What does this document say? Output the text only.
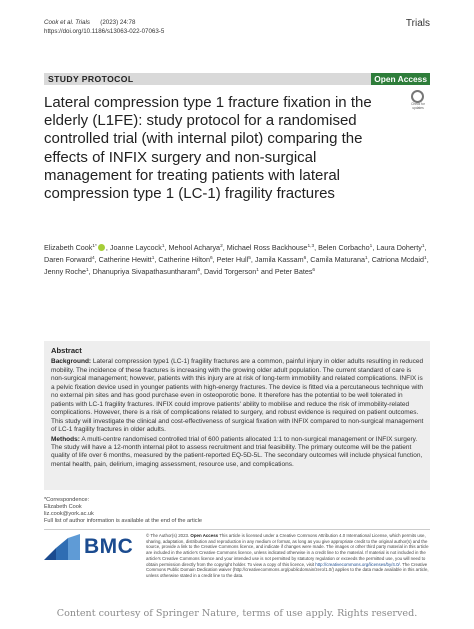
Cook et al. Trials (2023) 24:78
https://doi.org/10.1186/s13063-022-07063-5
Trials
STUDY PROTOCOL	Open Access
Check for updates
Lateral compression type 1 fracture fixation in the elderly (L1FE): study protocol for a randomised controlled trial (with internal pilot) comparing the effects of INFIX surgery and non-surgical management for treating patients with lateral compression type 1 (LC-1) fragility fractures
Elizabeth Cook$^{1*}$ , Joanne Laycock$^1$, Mehool Acharya$^2$, Michael Ross Backhouse$^{1,3}$, Belen Corbacho$^1$, Laura Doherty$^1$, Daren Forward$^4$, Catherine Hewitt$^1$, Catherine Hilton$^6$, Peter Hull$^5$, Jamila Kassam$^6$, Camila Maturana$^1$, Catriona Mcdaid$^1$, Jenny Roche$^1$, Dhanupriya Sivapathasuntharam$^6$, David Torgerson$^1$ and Peter Bates$^6$
Abstract

Background: Lateral compression type1 (LC-1) fragility fractures are a common, painful injury in older adults resulting in reduced mobility. The incidence of these fractures is increasing with the growing older adult population. The current standard of care is non-surgical management; however, patients with this injury are at risk of long-term immobility and related complications. INFIX is a pelvic fixation device used in younger patients with high-energy fractures. The device is fitted via a percutaneous technique with no external pin sites and has good purchase even in osteoporotic bone. It therefore has the potential to be well tolerated in patients with LC-1 fragility fractures. INFIX could improve patients' ability to mobilise and reduce the risk of immobility-related complications. However, there is a risk of complications related to surgery, and robust evidence is required on patient outcomes. This study will investigate the clinical and cost-effectiveness of surgical fixation with INFIX compared to non-surgical management of LC-1 fragility fractures in older adults.

Methods: A multi-centre randomised controlled trial of 600 patients allocated 1:1 to non-surgical management or INFIX surgery. The study will have a 12-month internal pilot to assess recruitment and trial feasibility. The primary outcome will be the patient quality of life over 6 months, measured by the patient-reported EQ-5D-5L. The secondary outcomes will include physical function, mental health, pain, delirium, imaging assessment, resource use, and complications.

*Correspondence:
Elizabeth Cook
liz.cook@york.ac.uk
Full list of author information is available at the end of the article
BMC	© The Author(s) 2023. Open Access This article is licensed under a Creative Commons Attribution 4.0 International License, which permits use, sharing, adaptation, distribution and reproduction in any medium or format, as long as you give appropriate credit to the original author(s) and the source, provide a link to the Creative Commons licence, and indicate if changes were made. The images or other third party material in this article are included in the article's Creative Commons licence, unless indicated otherwise in a credit line to the material. If material is not included in the article's Creative Commons licence and your intended use is not permitted by statutory regulation or exceeds the permitted use, you will need to obtain permission directly from the copyright holder. To view a copy of this licence, visit http://creativecommons.org/licenses/by/4.0/. The Creative Commons Public Domain Dedication waiver (http://creativecommons.org/publicdomain/zero/1.0/) applies to the data made available in this article, unless otherwise stated in a credit line to the data.
Content courtesy of Springer Nature, terms of use apply. Rights reserved.
